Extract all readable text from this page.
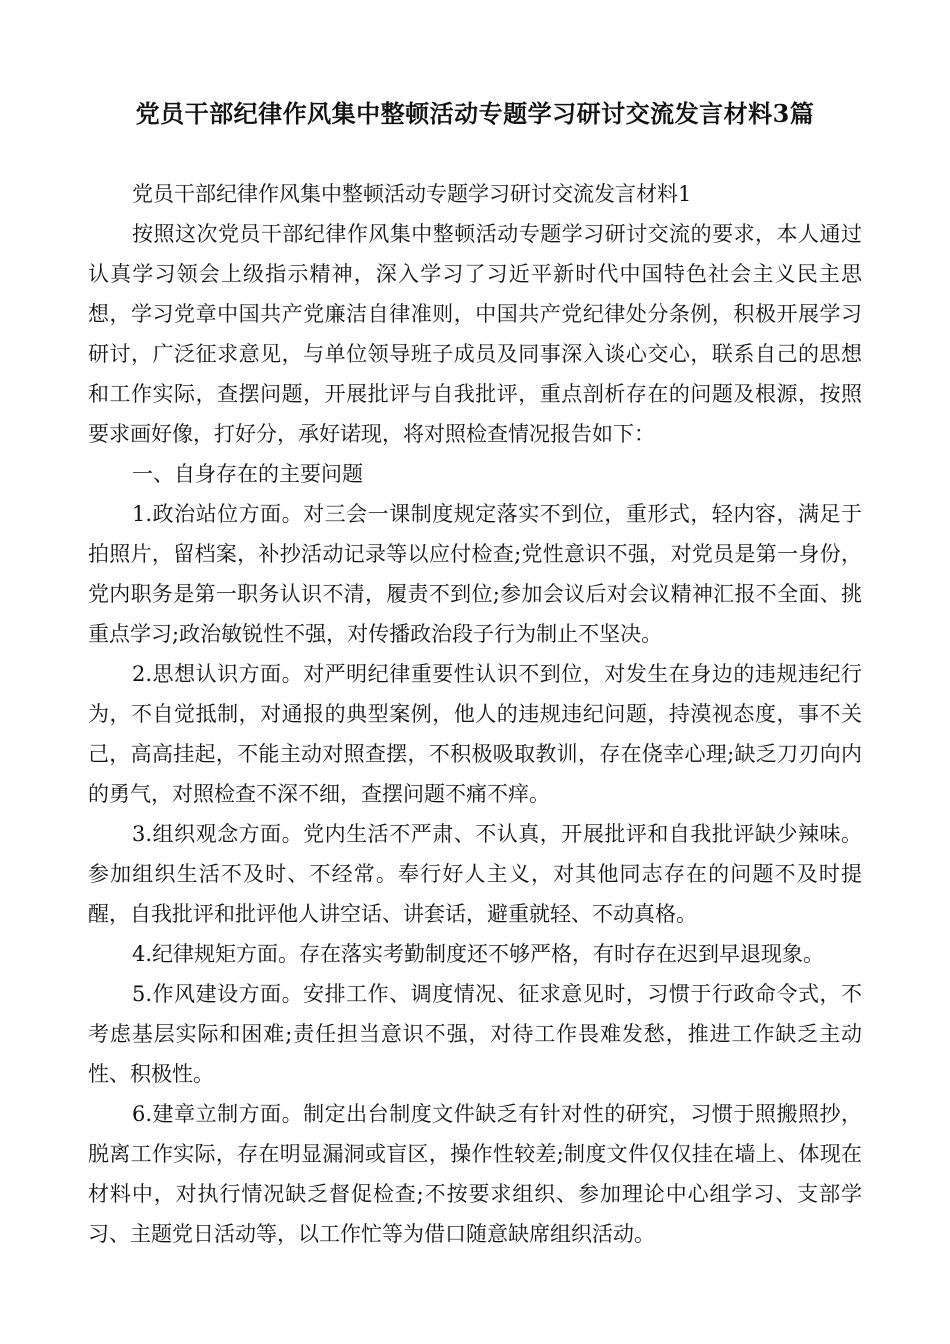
党员干部纪律作风集中整顿活动专题学习研讨交流发言材料3篇

党员干部纪律作风集中整顿活动专题学习研讨交流发言材料1

按照这次党员干部纪律作风集中整顿活动专题学习研讨交流的要求，本人通过认真学习领会上级指示精神，深入学习了习近平新时代中国特色社会主义民主思想，学习党章中国共产党廉洁自律准则，中国共产党纪律处分条例，积极开展学习研讨，广泛征求意见，与单位领导班子成员及同事深入谈心交心，联系自己的思想和工作实际，查摆问题，开展批评与自我批评，重点剖析存在的问题及根源，按照要求画好像，打好分，承好诺现，将对照检查情况报告如下：

一、自身存在的主要问题

1.政治站位方面。对三会一课制度规定落实不到位，重形式，轻内容，满足于拍照片，留档案，补抄活动记录等以应付检查;党性意识不强，对党员是第一身份，党内职务是第一职务认识不清，履责不到位;参加会议后对会议精神汇报不全面、挑重点学习;政治敏锐性不强，对传播政治段子行为制止不坚决。

2.思想认识方面。对严明纪律重要性认识不到位，对发生在身边的违规违纪行为，不自觉抵制，对通报的典型案例，他人的违规违纪问题，持漠视态度，事不关己，高高挂起，不能主动对照查摆，不积极吸取教训，存在侥幸心理;缺乏刀刃向内的勇气，对照检查不深不细，查摆问题不痛不痒。

3.组织观念方面。党内生活不严肃、不认真，开展批评和自我批评缺少辣味。参加组织生活不及时、不经常。奉行好人主义，对其他同志存在的问题不及时提醒，自我批评和批评他人讲空话、讲套话，避重就轻、不动真格。

4.纪律规矩方面。存在落实考勤制度还不够严格，有时存在迟到早退现象。

5.作风建设方面。安排工作、调度情况、征求意见时，习惯于行政命令式，不考虑基层实际和困难;责任担当意识不强，对待工作畏难发愁，推进工作缺乏主动性、积极性。

6.建章立制方面。制定出台制度文件缺乏有针对性的研究，习惯于照搬照抄，脱离工作实际，存在明显漏洞或盲区，操作性较差;制度文件仅仅挂在墙上、体现在材料中，对执行情况缺乏督促检查;不按要求组织、参加理论中心组学习、支部学习、主题党日活动等，以工作忙等为借口随意缺席组织活动。
